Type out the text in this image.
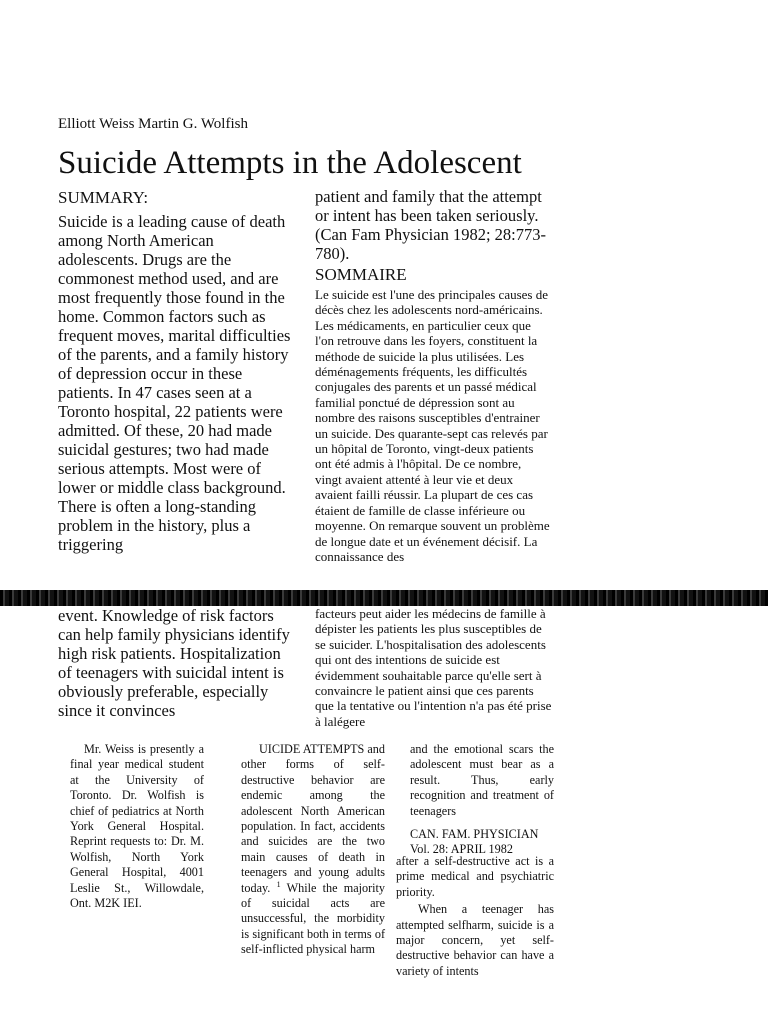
Elliott Weiss Martin G. Wolfish
Suicide Attempts in the Adolescent
SUMMARY:

Suicide is a leading cause of death among North American adolescents. Drugs are the commonest method used, and are most frequently those found in the home. Common factors such as frequent moves, marital difficulties of the parents, and a family history of depression occur in these patients. In 47 cases seen at a Toronto hospital, 22 patients were admitted. Of these, 20 had made suicidal gestures; two had made serious attempts. Most were of lower or middle class background. There is often a long-standing problem in the history, plus a triggering

event. Knowledge of risk factors can help family physicians identify high risk patients. Hospitalization of teenagers with suicidal intent is obviously preferable, especially since it convinces

patient and family that the attempt or intent has been taken seriously. (Can Fam Physician 1982; 28:773-780).

SOMMAIRE

Le suicide est l'une des principales causes de décès chez les adolescents nord-américains. Les médicaments, en particulier ceux que l'on retrouve dans les foyers, constituent la méthode de suicide la plus utilisées. Les déménagements fréquents, les difficultés conjugales des parents et un passé médical familial ponctué de dépression sont au nombre des raisons susceptibles d'entrainer un suicide. Des quarante-sept cas relevés par un hôpital de Toronto, vingt-deux patients ont été admis à l'hôpital. De ce nombre, vingt avaient attenté à leur vie et deux avaient failli réussir. La plupart de ces cas étaient de famille de classe inférieure ou moyenne. On remarque souvent un problème de longue date et un événement décisif. La connaissance des

facteurs peut aider les médecins de famille à dépister les patients les plus susceptibles de se suicider. L'hospitalisation des adolescents qui ont des intentions de suicide est évidemment souhaitable parce qu'elle sert à convaincre le patient ainsi que ces parents que la tentative ou l'intention n'a pas été prise à lalégere

Mr. Weiss is presently a final year medical student at the University of Toronto. Dr. Wolfish is chief of pediatrics at North York General Hospital. Reprint requests to: Dr. M. Wolfish, North York General Hospital, 4001 Leslie St., Willowdale, Ont. M2K IEI.

UICIDE ATTEMPTS and other forms of self-destructive behavior are endemic among the adolescent North American population. In fact, accidents and suicides are the two main causes of death in teenagers and young adults today. $^1$ While the majority of suicidal acts are unsuccessful, the morbidity is significant both in terms of self-inflicted physical harm

and the emotional scars the adolescent must bear as a result. Thus, early recognition and treatment of teenagers

CAN. FAM. PHYSICIAN
Vol. 28: APRIL 1982

after a self-destructive act is a prime medical and psychiatric priority.

When a teenager has attempted selfharm, suicide is a major concern, yet self-destructive behavior can have a variety of intents
